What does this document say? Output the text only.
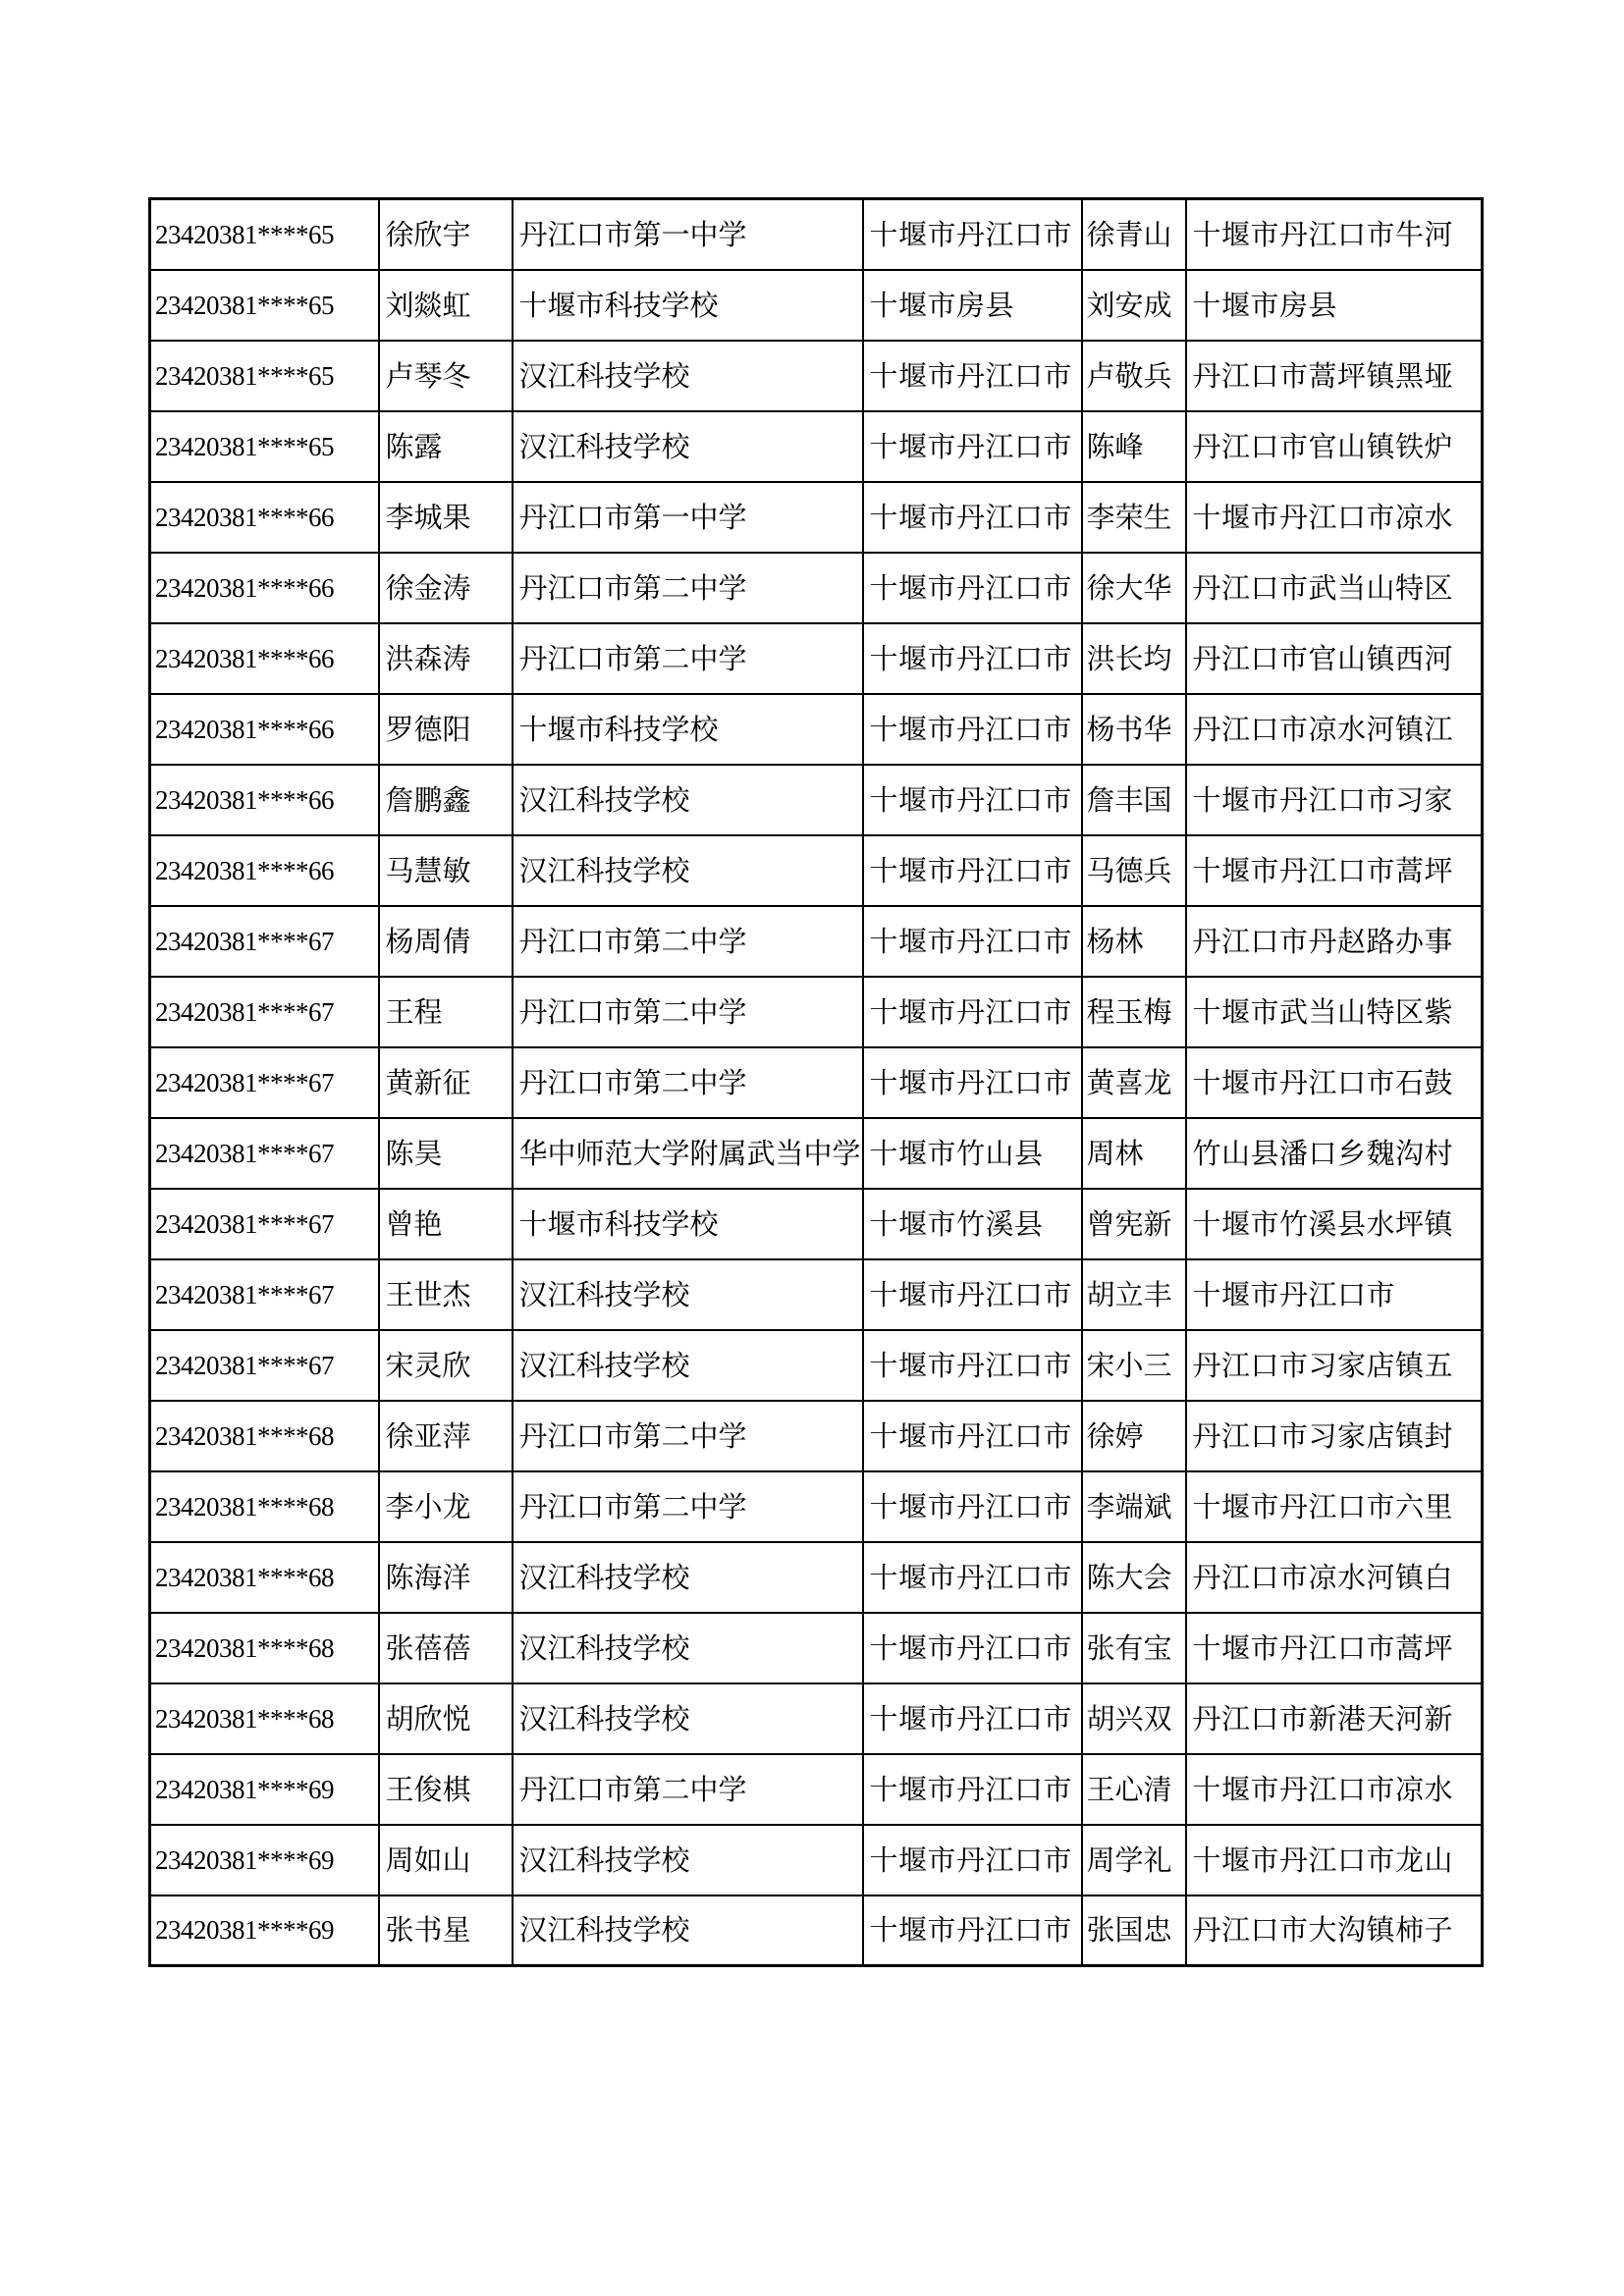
23420381****65	徐欣宇	丹江口市第一中学	十堰市丹江口市	徐青山	十堰市丹江口市牛河
23420381****65	刘燚虹	十堰市科技学校	十堰市房县	刘安成	十堰市房县
23420381****65	卢琴冬	汉江科技学校	十堰市丹江口市	卢敬兵	丹江口市蒿坪镇黑垭
23420381****65	陈露	汉江科技学校	十堰市丹江口市	陈峰	丹江口市官山镇铁炉
23420381****66	李城果	丹江口市第一中学	十堰市丹江口市	李荣生	十堰市丹江口市凉水
23420381****66	徐金涛	丹江口市第二中学	十堰市丹江口市	徐大华	丹江口市武当山特区
23420381****66	洪森涛	丹江口市第二中学	十堰市丹江口市	洪长均	丹江口市官山镇西河
23420381****66	罗德阳	十堰市科技学校	十堰市丹江口市	杨书华	丹江口市凉水河镇江
23420381****66	詹鹏鑫	汉江科技学校	十堰市丹江口市	詹丰国	十堰市丹江口市习家
23420381****66	马慧敏	汉江科技学校	十堰市丹江口市	马德兵	十堰市丹江口市蒿坪
23420381****67	杨周倩	丹江口市第二中学	十堰市丹江口市	杨林	丹江口市丹赵路办事
23420381****67	王程	丹江口市第二中学	十堰市丹江口市	程玉梅	十堰市武当山特区紫
23420381****67	黄新征	丹江口市第二中学	十堰市丹江口市	黄喜龙	十堰市丹江口市石鼓
23420381****67	陈昊	华中师范大学附属武当中学	十堰市竹山县	周林	竹山县潘口乡魏沟村
23420381****67	曾艳	十堰市科技学校	十堰市竹溪县	曾宪新	十堰市竹溪县水坪镇
23420381****67	王世杰	汉江科技学校	十堰市丹江口市	胡立丰	十堰市丹江口市
23420381****67	宋灵欣	汉江科技学校	十堰市丹江口市	宋小三	丹江口市习家店镇五
23420381****68	徐亚萍	丹江口市第二中学	十堰市丹江口市	徐婷	丹江口市习家店镇封
23420381****68	李小龙	丹江口市第二中学	十堰市丹江口市	李端斌	十堰市丹江口市六里
23420381****68	陈海洋	汉江科技学校	十堰市丹江口市	陈大会	丹江口市凉水河镇白
23420381****68	张蓓蓓	汉江科技学校	十堰市丹江口市	张有宝	十堰市丹江口市蒿坪
23420381****68	胡欣悦	汉江科技学校	十堰市丹江口市	胡兴双	丹江口市新港天河新
23420381****69	王俊棋	丹江口市第二中学	十堰市丹江口市	王心清	十堰市丹江口市凉水
23420381****69	周如山	汉江科技学校	十堰市丹江口市	周学礼	十堰市丹江口市龙山
23420381****69	张书星	汉江科技学校	十堰市丹江口市	张国忠	丹江口市大沟镇柿子
